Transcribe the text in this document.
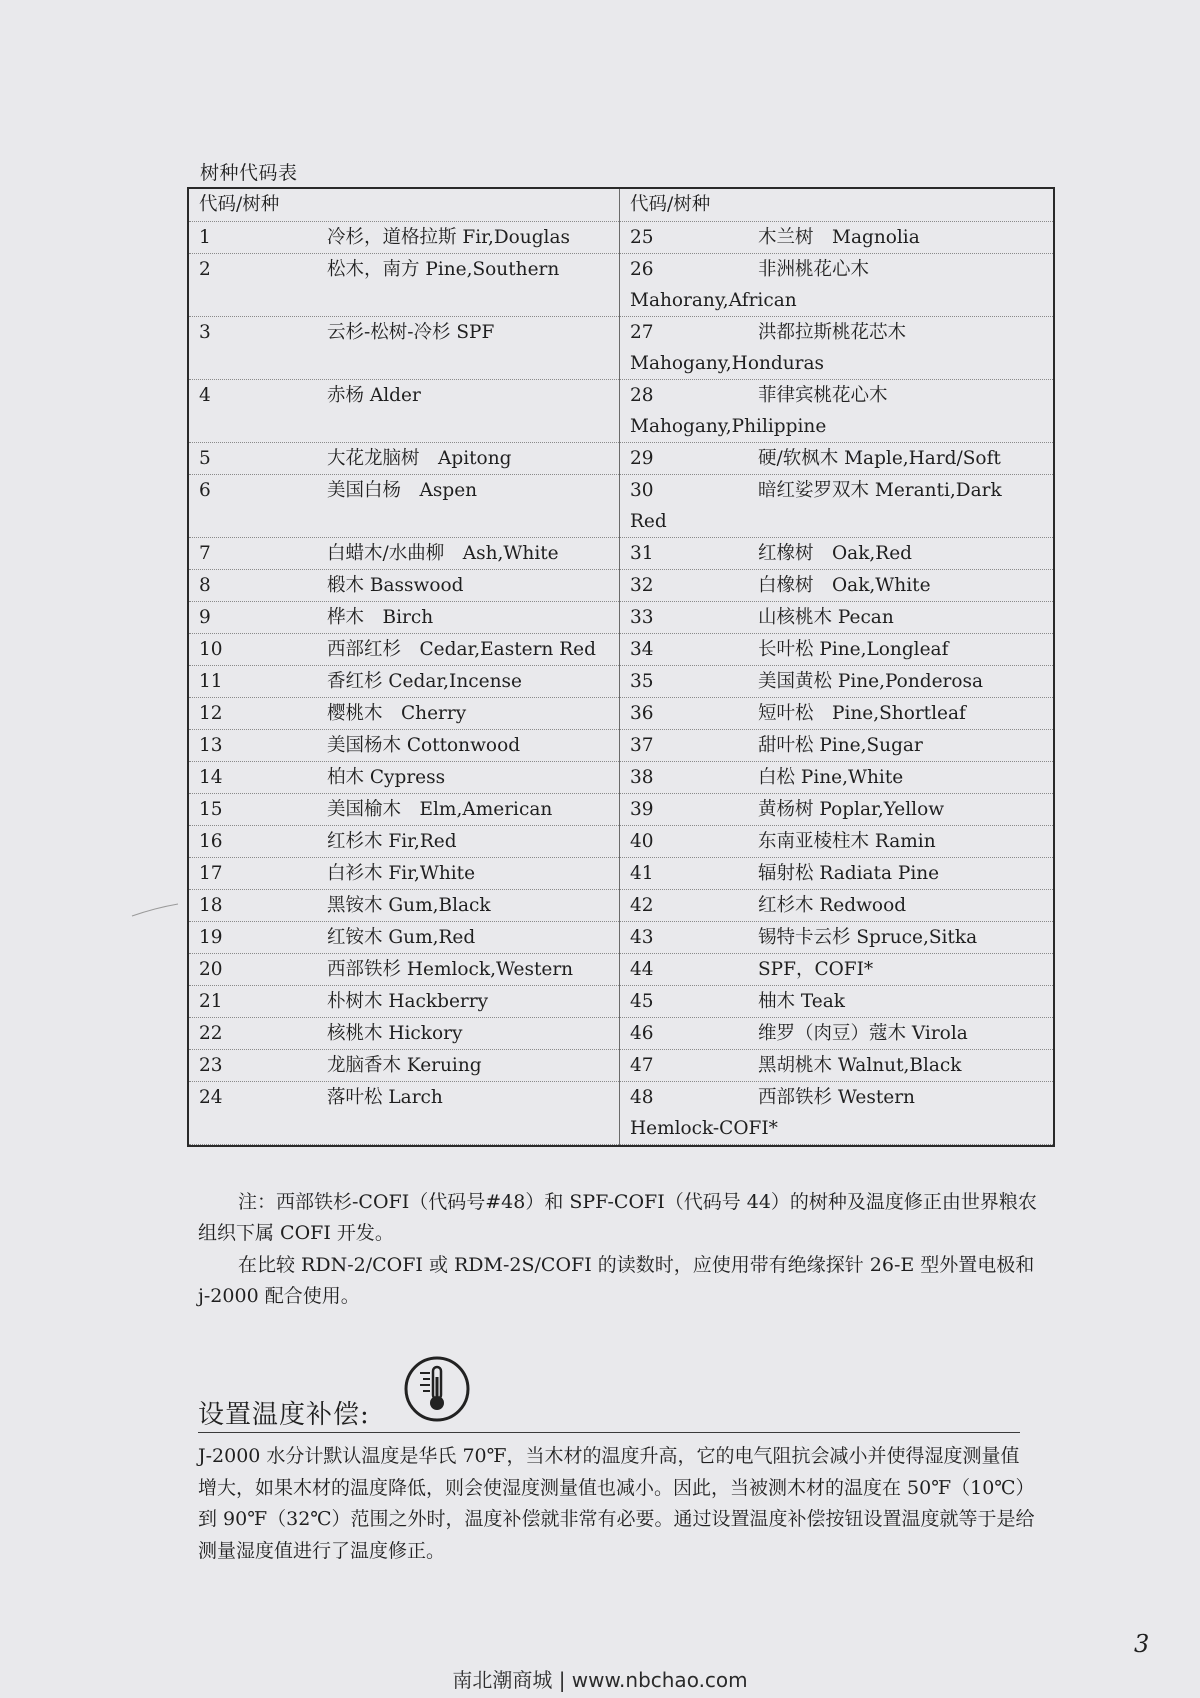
树种代码表
代码/树种	代码/树种
1 冷杉，道格拉斯 Fir,Douglas	25 木兰树　Magnolia
2 松木，南方 Pine,Southern	26 非洲桃花心木
Mahorany,African

3 云杉-松树-冷杉 SPF	27 洪都拉斯桃花芯木
Mahogany,Honduras

4 赤杨 Alder	28 菲律宾桃花心木
Mahogany,Philippine

5 大花龙脑树　Apitong	29 硬/软枫木 Maple,Hard/Soft
6 美国白杨　Aspen	30 暗红娑罗双木 Meranti,Dark
Red

7 白蜡木/水曲柳　Ash,White	31 红橡树　Oak,Red
8 椴木 Basswood	32 白橡树　Oak,White
9 桦木　Birch	33 山核桃木 Pecan
10 西部红杉　Cedar,Eastern Red	34 长叶松 Pine,Longleaf
11 香红杉 Cedar,Incense	35 美国黄松 Pine,Ponderosa
12 樱桃木　Cherry	36 短叶松　Pine,Shortleaf
13 美国杨木 Cottonwood	37 甜叶松 Pine,Sugar
14 柏木 Cypress	38 白松 Pine,White
15 美国榆木　Elm,American	39 黄杨树 Poplar,Yellow
16 红杉木 Fir,Red	40 东南亚棱柱木 Ramin
17 白衫木 Fir,White	41 辐射松 Radiata Pine
18 黑铵木 Gum,Black	42 红杉木 Redwood
19 红铵木 Gum,Red	43 锡特卡云杉 Spruce,Sitka
20 西部铁杉 Hemlock,Western	44 SPF，COFI*
21 朴树木 Hackberry	45 柚木 Teak
22 核桃木 Hickory	46 维罗（肉豆）蔻木 Virola
23 龙脑香木 Keruing	47 黑胡桃木 Walnut,Black
24 落叶松 Larch	48 西部铁杉 Western
Hemlock-COFI*

注：西部铁杉-COFI（代码号#48）和 SPF-COFI（代码号 44）的树种及温度修正由世界粮农组织下属 COFI 开发。

在比较 RDN-2/COFI 或 RDM-2S/COFI 的读数时，应使用带有绝缘探针 26-E 型外置电极和 j-2000 配合使用。

设置温度补偿:

J-2000 水分计默认温度是华氏 70℉，当木材的温度升高，它的电气阻抗会减小并使得湿度测量值增大，如果木材的温度降低，则会使湿度测量值也减小。因此，当被测木材的温度在 50℉（10℃）到 90℉（32℃）范围之外时，温度补偿就非常有必要。通过设置温度补偿按钮设置温度就等于是给测量湿度值进行了温度修正。

3
南北潮商城 | www.nbchao.com
